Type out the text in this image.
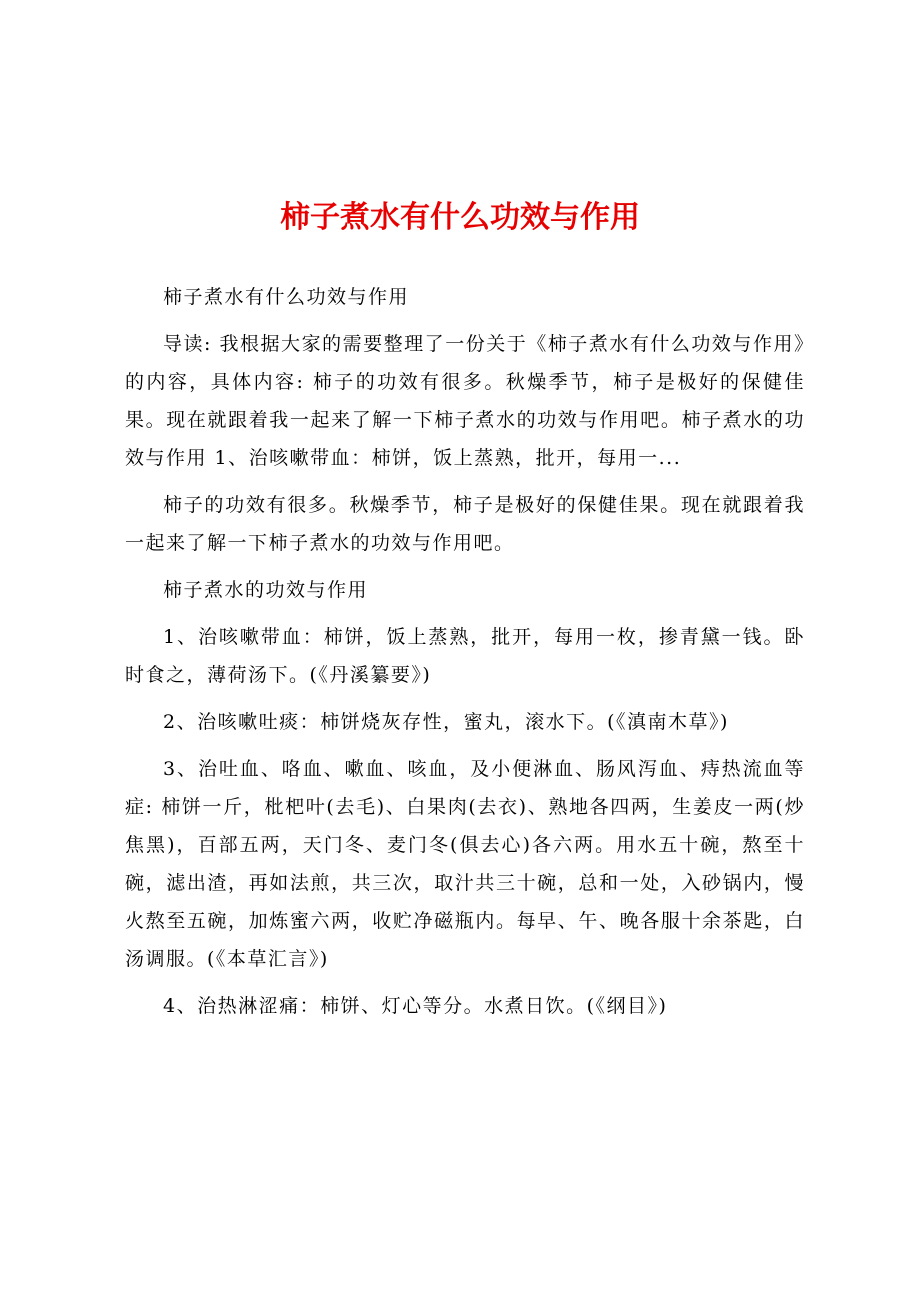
柿子煮水有什么功效与作用

柿子煮水有什么功效与作用

导读: 我根据大家的需要整理了一份关于《柿子煮水有什么功效与作用》的内容，具体内容: 柿子的功效有很多。秋燥季节，柿子是极好的保健佳果。现在就跟着我一起来了解一下柿子煮水的功效与作用吧。柿子煮水的功效与作用 1、治咳嗽带血：柿饼，饭上蒸熟，批开，每用一...

柿子的功效有很多。秋燥季节，柿子是极好的保健佳果。现在就跟着我一起来了解一下柿子煮水的功效与作用吧。

柿子煮水的功效与作用

1、治咳嗽带血：柿饼，饭上蒸熟，批开，每用一枚，掺青黛一钱。卧时食之，薄荷汤下。(《丹溪纂要》)

2、治咳嗽吐痰：柿饼烧灰存性，蜜丸，滚水下。(《滇南木草》)

3、治吐血、咯血、嗽血、咳血，及小便淋血、肠风泻血、痔热流血等症: 柿饼一斤，枇杷叶(去毛)、白果肉(去衣)、熟地各四两，生姜皮一两(炒焦黑)，百部五两，天门冬、麦门冬(俱去心)各六两。用水五十碗，熬至十碗，滤出渣，再如法煎，共三次，取汁共三十碗，总和一处，入砂锅内，慢火熬至五碗，加炼蜜六两，收贮净磁瓶内。每早、午、晚各服十余茶匙，白汤调服。(《本草汇言》)

4、治热淋涩痛：柿饼、灯心等分。水煮日饮。(《纲目》)
